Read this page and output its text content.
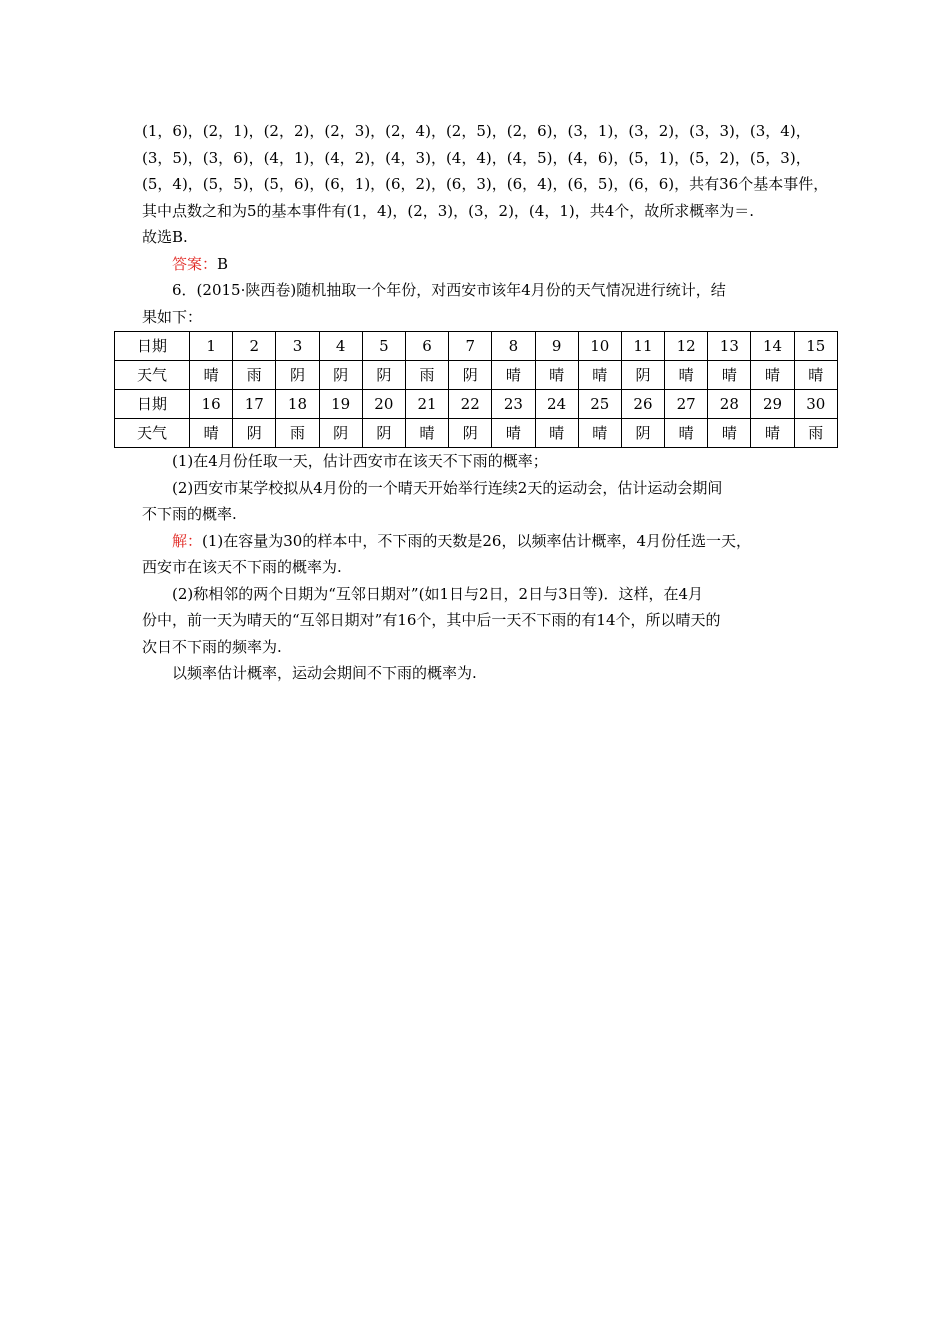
(1，6)，(2，1)，(2，2)，(2，3)，(2，4)，(2，5)，(2，6)，(3，1)，(3，2)，(3，3)，(3，4)，
(3，5)，(3，6)，(4，1)，(4，2)，(4，3)，(4，4)，(4，5)，(4，6)，(5，1)，(5，2)，(5，3)，
(5，4)，(5，5)，(5，6)，(6，1)，(6，2)，(6，3)，(6，4)，(6，5)，(6，6)，共有36个基本事件，
其中点数之和为5的基本事件有(1，4)，(2，3)，(3，2)，(4，1)，共4个，故所求概率为＝.
故选B.
答案：B
6．(2015·陕西卷)随机抽取一个年份，对西安市该年4月份的天气情况进行统计，结
果如下：
日期	1	2	3	4	5	6	7	8	9	10	11	12	13	14	15
天气	晴	雨	阴	阴	阴	雨	阴	晴	晴	晴	阴	晴	晴	晴	晴
日期	16	17	18	19	20	21	22	23	24	25	26	27	28	29	30
天气	晴	阴	雨	阴	阴	晴	阴	晴	晴	晴	阴	晴	晴	晴	雨
(1)在4月份任取一天，估计西安市在该天不下雨的概率；
(2)西安市某学校拟从4月份的一个晴天开始举行连续2天的运动会，估计运动会期间
不下雨的概率.
解：(1)在容量为30的样本中，不下雨的天数是26，以频率估计概率，4月份任选一天，
西安市在该天不下雨的概率为.
(2)称相邻的两个日期为“互邻日期对”(如1日与2日，2日与3日等)．这样，在4月
份中，前一天为晴天的“互邻日期对”有16个，其中后一天不下雨的有14个，所以晴天的
次日不下雨的频率为.
以频率估计概率，运动会期间不下雨的概率为.
